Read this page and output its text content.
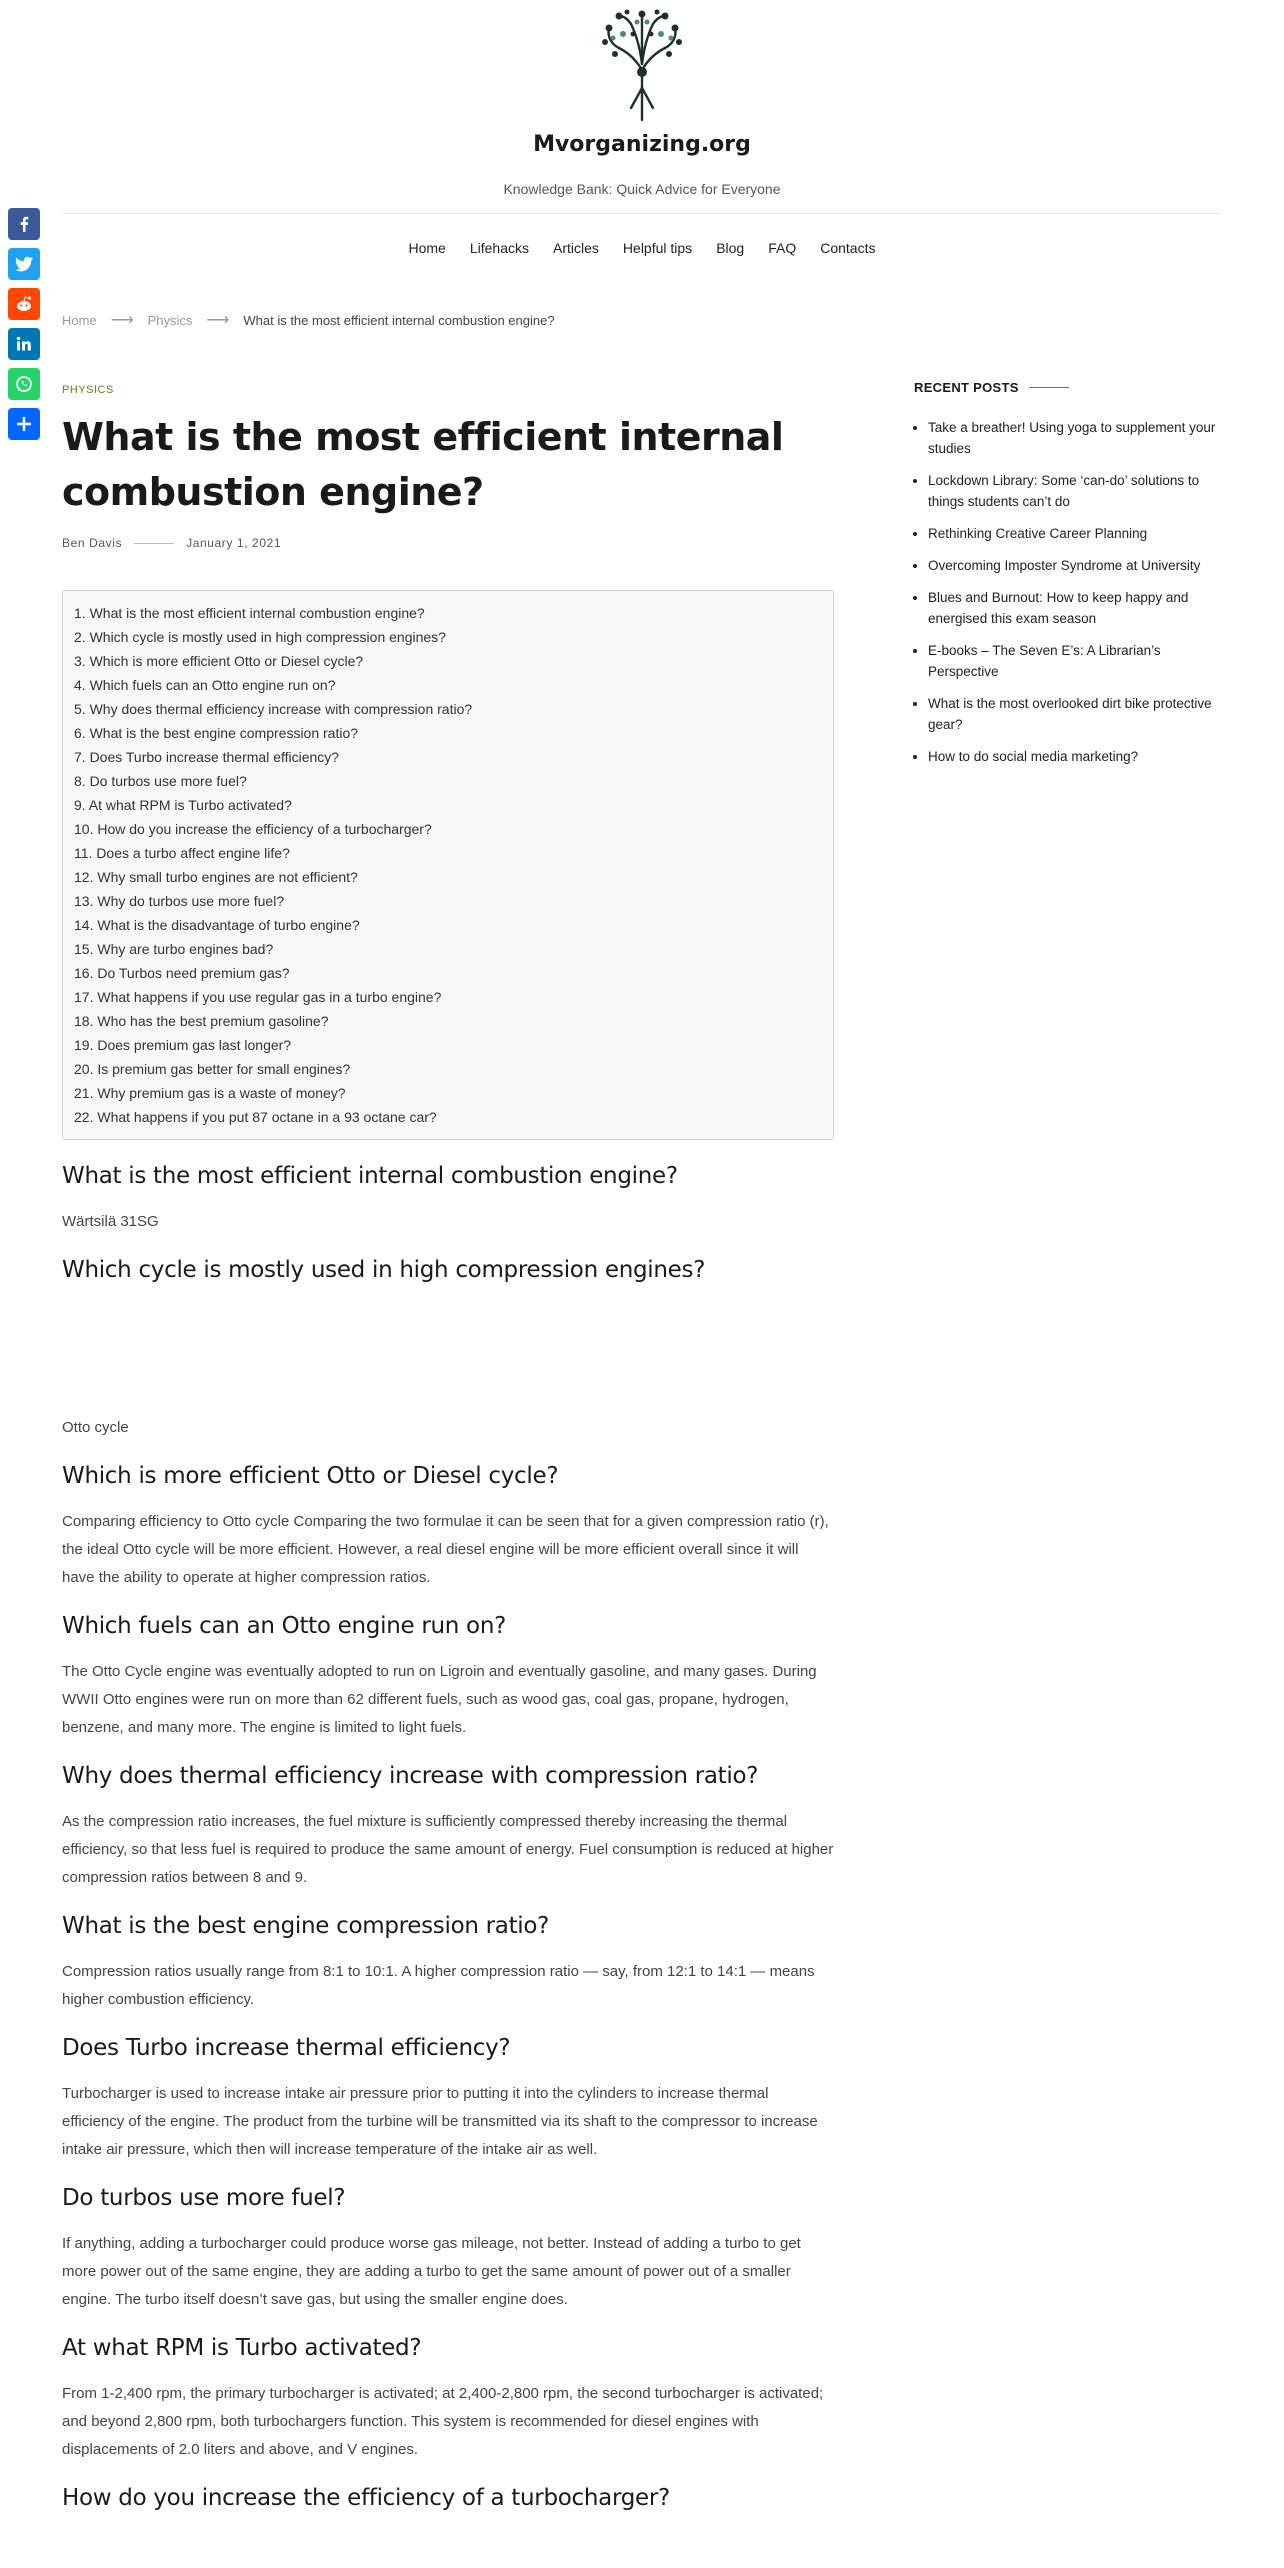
Mvorganizing.org
Knowledge Bank: Quick Advice for Everyone
Home	Lifehacks	Articles	Helpful tips	Blog	FAQ	Contacts
Home ⟶ Physics ⟶ What is the most efficient internal combustion engine?
PHYSICS
What is the most efficient internal combustion engine?
Ben Davis	January 1, 2021
1. What is the most efficient internal combustion engine?
2. Which cycle is mostly used in high compression engines?
3. Which is more efficient Otto or Diesel cycle?
4. Which fuels can an Otto engine run on?
5. Why does thermal efficiency increase with compression ratio?
6. What is the best engine compression ratio?
7. Does Turbo increase thermal efficiency?
8. Do turbos use more fuel?
9. At what RPM is Turbo activated?
10. How do you increase the efficiency of a turbocharger?
11. Does a turbo affect engine life?
12. Why small turbo engines are not efficient?
13. Why do turbos use more fuel?
14. What is the disadvantage of turbo engine?
15. Why are turbo engines bad?
16. Do Turbos need premium gas?
17. What happens if you use regular gas in a turbo engine?
18. Who has the best premium gasoline?
19. Does premium gas last longer?
20. Is premium gas better for small engines?
21. Why premium gas is a waste of money?
22. What happens if you put 87 octane in a 93 octane car?
What is the most efficient internal combustion engine?

Wärtsilä 31SG

Which cycle is mostly used in high compression engines?

Otto cycle

Which is more efficient Otto or Diesel cycle?

Comparing efficiency to Otto cycle Comparing the two formulae it can be seen that for a given compression ratio (r), the ideal Otto cycle will be more efficient. However, a real diesel engine will be more efficient overall since it will have the ability to operate at higher compression ratios.

Which fuels can an Otto engine run on?

The Otto Cycle engine was eventually adopted to run on Ligroin and eventually gasoline, and many gases. During WWII Otto engines were run on more than 62 different fuels, such as wood gas, coal gas, propane, hydrogen, benzene, and many more. The engine is limited to light fuels.

Why does thermal efficiency increase with compression ratio?

As the compression ratio increases, the fuel mixture is sufficiently compressed thereby increasing the thermal efficiency, so that less fuel is required to produce the same amount of energy. Fuel consumption is reduced at higher compression ratios between 8 and 9.

What is the best engine compression ratio?

Compression ratios usually range from 8:1 to 10:1. A higher compression ratio — say, from 12:1 to 14:1 — means higher combustion efficiency.

Does Turbo increase thermal efficiency?

Turbocharger is used to increase intake air pressure prior to putting it into the cylinders to increase thermal efficiency of the engine. The product from the turbine will be transmitted via its shaft to the compressor to increase intake air pressure, which then will increase temperature of the intake air as well.

Do turbos use more fuel?

If anything, adding a turbocharger could produce worse gas mileage, not better. Instead of adding a turbo to get more power out of the same engine, they are adding a turbo to get the same amount of power out of a smaller engine. The turbo itself doesn’t save gas, but using the smaller engine does.

At what RPM is Turbo activated?

From 1-2,400 rpm, the primary turbocharger is activated; at 2,400-2,800 rpm, the second turbocharger is activated; and beyond 2,800 rpm, both turbochargers function. This system is recommended for diesel engines with displacements of 2.0 liters and above, and V engines.

How do you increase the efficiency of a turbocharger?
RECENT POSTS
• Take a breather! Using yoga to supplement your studies
• Lockdown Library: Some ‘can-do’ solutions to things students can’t do
• Rethinking Creative Career Planning
• Overcoming Imposter Syndrome at University
• Blues and Burnout: How to keep happy and energised this exam season
• E-books – The Seven E’s: A Librarian’s Perspective
• What is the most overlooked dirt bike protective gear?
• How to do social media marketing?
